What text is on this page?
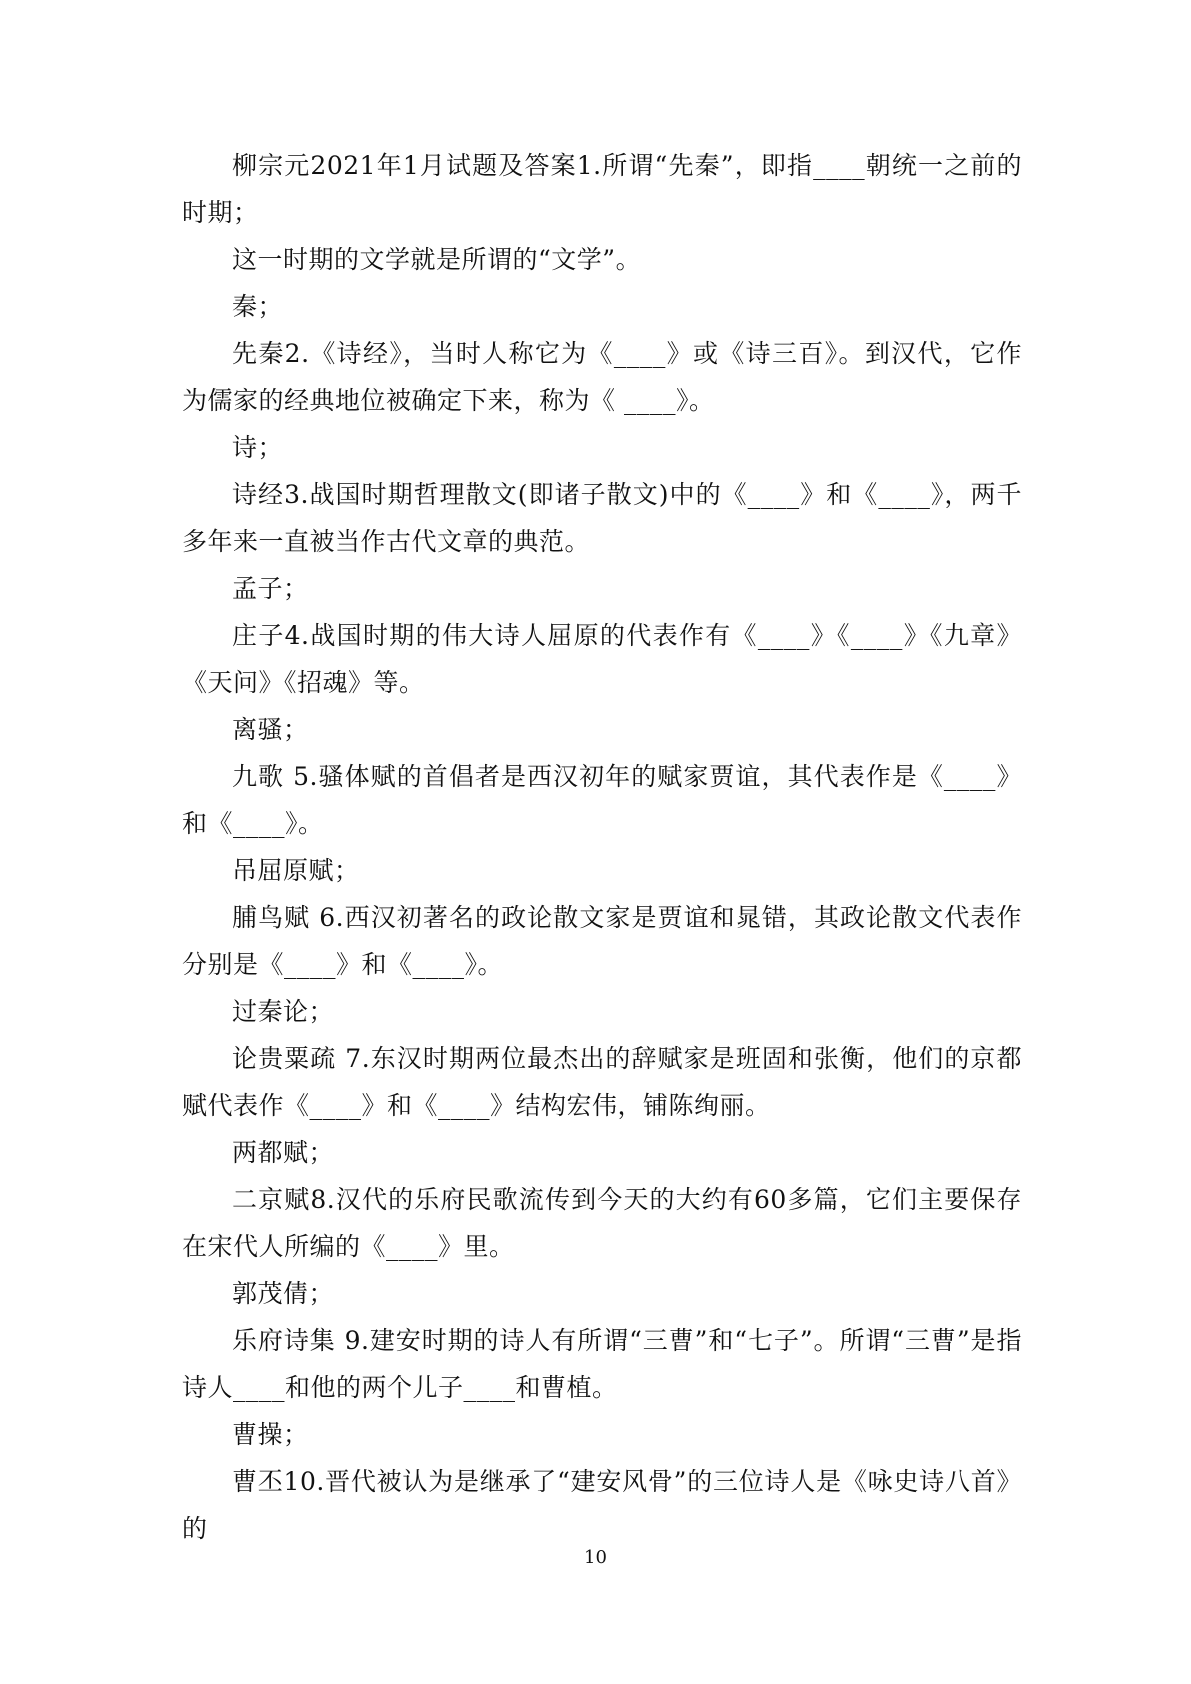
柳宗元2021年1月试题及答案1.所谓“先秦”，即指____朝统一之前的时期；

这一时期的文学就是所谓的“文学”。

秦；

先秦2.《诗经》，当时人称它为《____》或《诗三百》。到汉代，它作为儒家的经典地位被确定下来，称为《 ____》。

诗；

诗经3.战国时期哲理散文(即诸子散文)中的《____》和《____》，两千多年来一直被当作古代文章的典范。

孟子；

庄子4.战国时期的伟大诗人屈原的代表作有《____》《____》《九章》《天问》《招魂》等。

离骚；

九歌 5.骚体赋的首倡者是西汉初年的赋家贾谊，其代表作是《____》和《____》。

吊屈原赋；

脯鸟赋 6.西汉初著名的政论散文家是贾谊和晁错，其政论散文代表作分别是《____》和《____》。

过秦论；

论贵粟疏 7.东汉时期两位最杰出的辞赋家是班固和张衡，他们的京都赋代表作《____》和《____》结构宏伟，铺陈绚丽。

两都赋；

二京赋8.汉代的乐府民歌流传到今天的大约有60多篇，它们主要保存在宋代人所编的《____》里。

郭茂倩；

乐府诗集 9.建安时期的诗人有所谓“三曹”和“七子”。所谓“三曹”是指诗人____和他的两个儿子____和曹植。

曹操；

曹丕10.晋代被认为是继承了“建安风骨”的三位诗人是《咏史诗八首》的

10
